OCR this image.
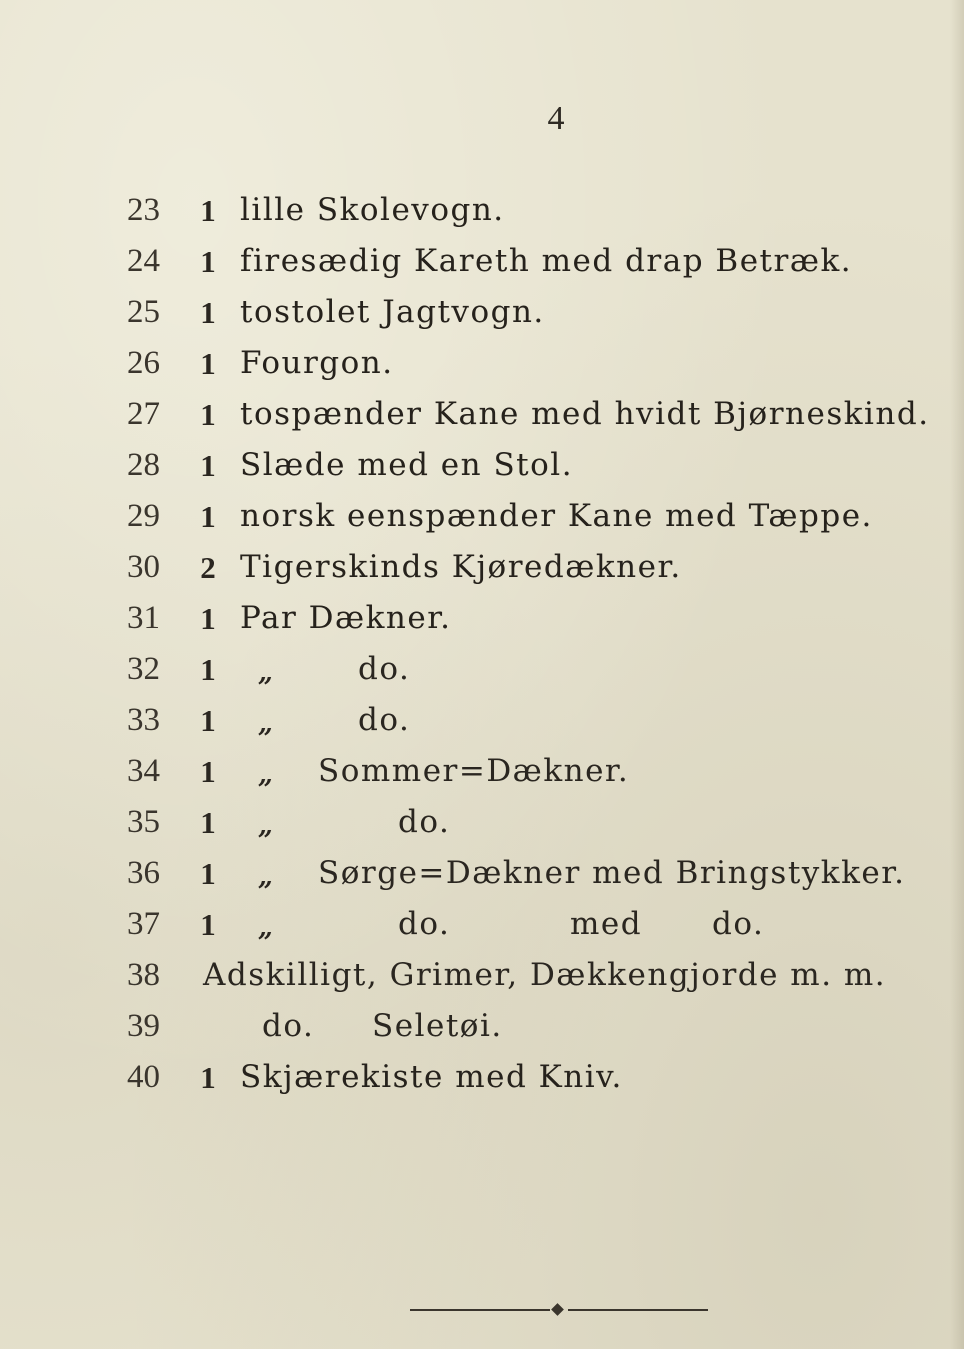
4
23 1 lille Skolevogn.
24 1 firesædig Kareth med drap Betræk.
25 1 tostolet Jagtvogn.
26 1 Fourgon.
27 1 tospænder Kane med hvidt Bjørneskind.
28 1 Slæde med en Stol.
29 1 norsk eenspænder Kane med Tæppe.
30 2 Tigerskinds Kjøredækner.
31 1 Par Dækner.
32 1 „	do.
33 1 „	do.
34 1 „ Sommer=Dækner.
35 1 „	do.
36 1 „ Sørge=Dækner med Bringstykker.
37 1 „	do.	med do.
38 Adskilligt, Grimer, Dækkengjorde m. m.
39	do. Seletøi.
40 1 Skjærekiste med Kniv.
